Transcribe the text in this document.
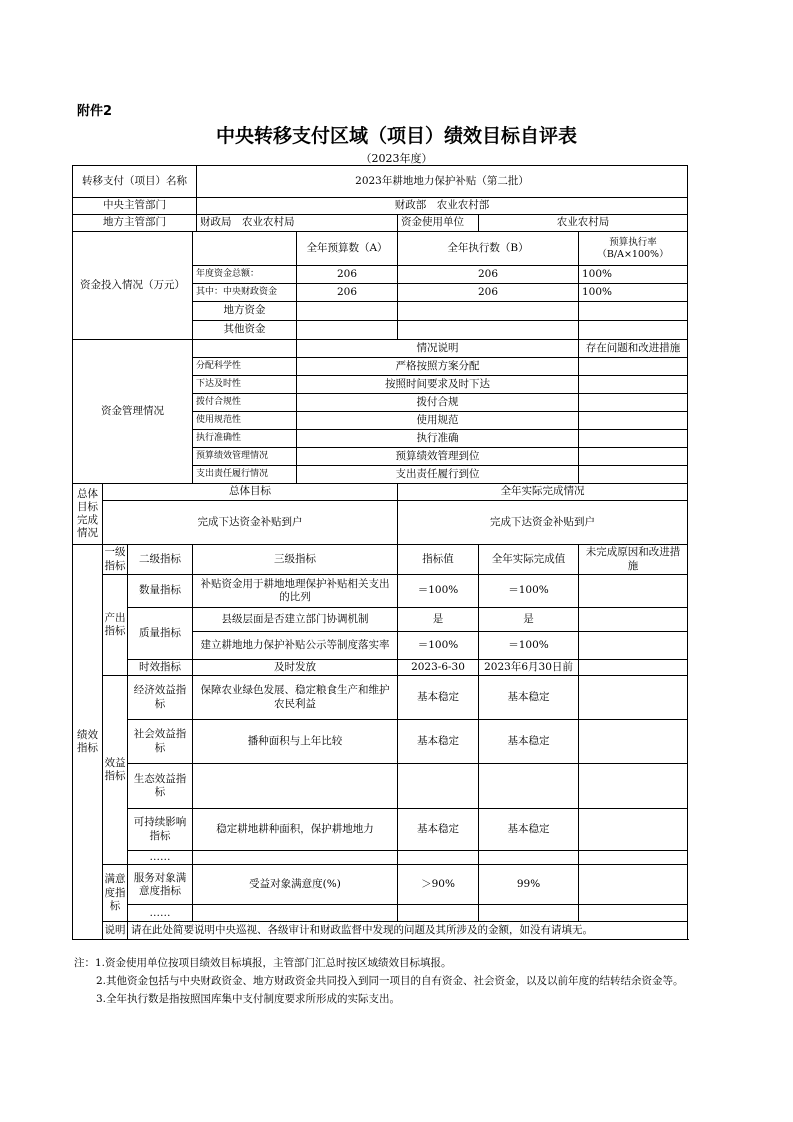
附件2
中央转移支付区域（项目）绩效目标自评表
（2023年度）
转移支付（项目）名称				2023年耕地地力保护补贴（第二批）				
中央主管部门				财政部　农业农村部				
地方主管部门				财政局　农业农村局		资金使用单位	农业农村局	
资金投入情况（万元）					全年预算数（A）	全年执行数（B）		预算执行率
（B/A×100%）
			年度资金总额：		206	206		100%
			其中：中央财政资金		206	206		100%
			地方资金					
			其他资金					
资金管理情况					情况说明			存在问题和改进措施
			分配科学性		严格按照方案分配			
			下达及时性		按照时间要求及时下达			
			拨付合规性		拨付合规			
			使用规范性		使用规范			
			执行准确性		执行准确			
			预算绩效管理情况		预算绩效管理到位			
			支出责任履行情况		支出责任履行到位			
总体目标完成情况	总体目标					全年实际完成情况		
	完成下达资金补贴到户					完成下达资金补贴到户		
绩效指标	一级指标	二级指标	三级指标			指标值	全年实际完成值	未完成原因和改进措施
	产出指标	数量指标	补贴资金用于耕地地理保护补贴相关支出的比列			＝100%	＝100%	
		质量指标	县级层面是否建立部门协调机制			是	是	
			建立耕地地力保护补贴公示等制度落实率			＝100%	＝100%	
		时效指标	及时发放			2023-6-30	2023年6月30日前	
	效益指标	经济效益指标	保障农业绿色发展、稳定粮食生产和维护农民利益			基本稳定	基本稳定	
		社会效益指标	播种面积与上年比较			基本稳定	基本稳定	
		生态效益指标						
		可持续影响指标	稳定耕地耕种面积，保护耕地地力			基本稳定	基本稳定	
		……						
	满意度指标	服务对象满意度指标	受益对象满意度(%)			＞90%	99%	
		……						
	说明	请在此处简要说明中央巡视、各级审计和财政监督中发现的问题及其所涉及的金额，如没有请填无。						
注：1.资金使用单位按项目绩效目标填报，主管部门汇总时按区域绩效目标填报。
2.其他资金包括与中央财政资金、地方财政资金共同投入到同一项目的自有资金、社会资金，以及以前年度的结转结余资金等。
3.全年执行数是指按照国库集中支付制度要求所形成的实际支出。
